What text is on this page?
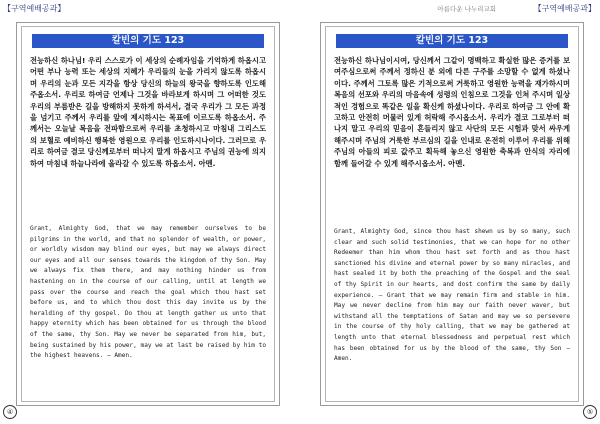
【구역예배공과】
칼빈의 기도 123
전능하신 하나님! 우리 스스로가 이 세상의 순례자임을 기억하게 하옵시고 어떤 부나 능력 또는 세상의 지혜가 우리들의 눈을 가리지 않도록 하옵시며 우리의 눈과 모든 지각을 항상 당신의 하늘의 왕국을 향하도록 인도해 주옵소서. 우리로 하여금 언제나 그것을 바라보게 하시며 그 어떠한 것도 우리의 부름받은 길을 방해하지 못하게 하셔서, 결국 우리가 그 모든 과정을 넘기고 주께서 우리를 앞에 제시하시는 목표에 이르도록 하옵소서. 주께서는 오늘날 복음을 전파함으로써 우리를 초청하시고 마침내 그리스도의 보혈로 예비하신 행복한 영원으로 우리를 인도하시나이다. 그러므로 우리로 하여금 결코 당신께로부터 떠나지 말게 하옵시고 주님의 권능에 의지하여 마침내 하늘나라에 올라갈 수 있도록 하옵소서. 아멘.
Grant, Almighty God, that we may remember ourselves to be pilgrims in the world, and that no splendor of wealth, or power, or worldly wisdom may blind our eyes, but may we always direct our eyes and all our senses towards the kingdom of thy Son. May we always fix them there, and may nothing hinder us from hastening on in the course of our calling, until at length we pass over the course and reach the goal which thou hast set before us, and to which thou dost this day invite us by the heralding of thy gospel. Do thou at length gather us unto that happy eternity which has been obtained for us through the blood of the same, thy Son. May we never be separated from him, but, being sustained by his power, may we at last be raised by him to the highest heavens. — Amen.
④
아름다운 나누리교회	【구역예배공과】
칼빈의 기도 123
전능하신 하나님이시여, 당신께서 그같이 명백하고 확실한 많은 증거를 보여주심으로써 주께서 정하신 분 외에 다른 구주를 소망할 수 없게 하셨나이다. 주께서 그토록 많은 기적으로써 거룩하고 영원한 능력을 재가하시며 복음의 선포와 우리의 마음속에 성령의 인침으로 그것을 인쳐 주시며 일상적인 경험으로 똑같은 일을 확신케 하셨나이다. 우리로 하여금 그 안에 확고하고 안전히 머물러 있게 허락해 주시옵소서. 우리가 결코 그로부터 떠나지 말고 우리의 믿음이 흔들리지 않고 사단의 모든 시험과 맞서 싸우게 해주시며 주님의 거룩한 부르심의 길을 인내로 온전히 이루어 우리를 위해 주님의 아들의 피로 값주고 획득해 놓으신 영원한 축복과 안식의 자리에 함께 들어갈 수 있게 해주시옵소서. 아멘.
Grant, Almighty God, since thou hast shewn us by so many, such clear and such solid testimonies, that we can hope for no other Redeemer than him whom thou hast set forth and as thou hast sanctioned his divine and eternal power by so many miracles, and hast sealed it by both the preaching of the Gospel and the seal of thy Spirit in our hearts, and dost confirm the same by daily experience. — Grant that we may remain firm and stable in him. May we never decline from him may our faith never waver, but withstand all the temptations of Satan and may we so persevere in the course of thy holy calling, that we may be gathered at length unto that eternal blessedness and perpetual rest which has been obtained for us by the blood of the same, thy Son — Amen.
⑤
